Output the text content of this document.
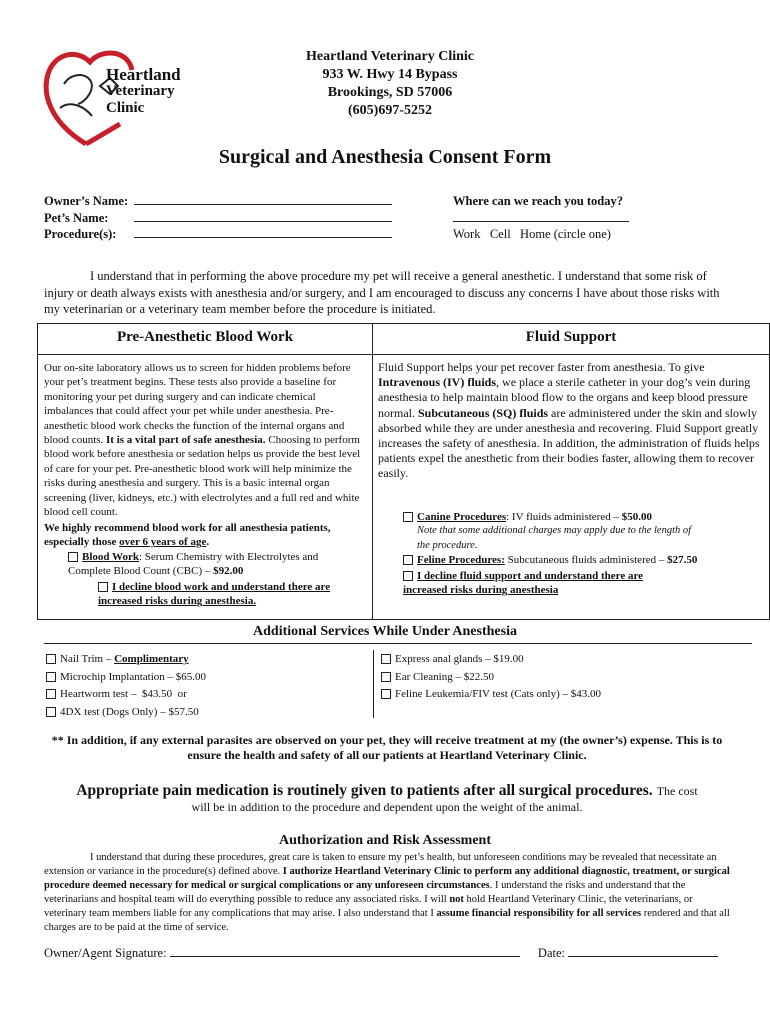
Heartland
Veterinary
Clinic
Heartland Veterinary Clinic
933 W. Hwy 14 Bypass
Brookings, SD 57006
(605)697-5252
Surgical and Anesthesia Consent Form
Owner’s Name:
Pet’s Name:
Procedure(s):
Where can we reach you today?
Work   Cell   Home (circle one)
I understand that in performing the above procedure my pet will receive a general anesthetic. I understand that some risk of injury or death always exists with anesthesia and/or surgery, and I am encouraged to discuss any concerns I have about those risks with my veterinarian or a veterinary team member before the procedure is initiated.
Pre-Anesthetic Blood Work	Fluid Support
Our on-site laboratory allows us to screen for hidden problems before your pet’s treatment begins. These tests also provide a baseline for monitoring your pet during surgery and can indicate chemical imbalances that could affect your pet while under anesthesia. Pre-anesthetic blood work checks the function of the internal organs and blood counts. It is a vital part of safe anesthesia. Choosing to perform blood work before anesthesia or sedation helps us provide the best level of care for your pet. Pre-anesthetic blood work will help minimize the risks during anesthesia and surgery. This is a basic internal organ screening (liver, kidneys, etc.) with electrolytes and a full red and white blood cell count.
We highly recommend blood work for all anesthesia patients, especially those over 6 years of age.
Blood Work: Serum Chemistry with Electrolytes and Complete Blood Count (CBC) – $92.00
I decline blood work and understand there are increased risks during anesthesia.
Fluid Support helps your pet recover faster from anesthesia. To give Intravenous (IV) fluids, we place a sterile catheter in your dog’s vein during anesthesia to help maintain blood flow to the organs and keep blood pressure normal. Subcutaneous (SQ) fluids are administered under the skin and slowly absorbed while they are under anesthesia and recovering. Fluid Support greatly increases the safety of anesthesia. In addition, the administration of fluids helps patients expel the anesthetic from their bodies faster, allowing them to recover easily.
Canine Procedures: IV fluids administered – $50.00
Note that some additional charges may apply due to the length of the procedure.
Feline Procedures: Subcutaneous fluids administered – $27.50
I decline fluid support and understand there are increased risks during anesthesia
Additional Services While Under Anesthesia
Nail Trim – Complimentary
Microchip Implantation – $65.00
Heartworm test –  $43.50  or
4DX test (Dogs Only) – $57.50
Express anal glands – $19.00
Ear Cleaning – $22.50
Feline Leukemia/FIV test (Cats only) – $43.00
** In addition, if any external parasites are observed on your pet, they will receive treatment at my (the owner’s) expense. This is to ensure the health and safety of all our patients at Heartland Veterinary Clinic.
Appropriate pain medication is routinely given to patients after all surgical procedures. The cost
will be in addition to the procedure and dependent upon the weight of the animal.
Authorization and Risk Assessment
I understand that during these procedures, great care is taken to ensure my pet’s health, but unforeseen conditions may be revealed that necessitate an extension or variance in the procedure(s) defined above. I authorize Heartland Veterinary Clinic to perform any additional diagnostic, treatment, or surgical procedure deemed necessary for medical or surgical complications or any unforeseen circumstances. I understand the risks and understand that the veterinarians and hospital team will do everything possible to reduce any associated risks. I will not hold Heartland Veterinary Clinic, the veterinarians, or veterinary team members liable for any complications that may arise. I also understand that I assume financial responsibility for all services rendered and that all charges are to be paid at the time of service.
Owner/Agent Signature:	Date:
